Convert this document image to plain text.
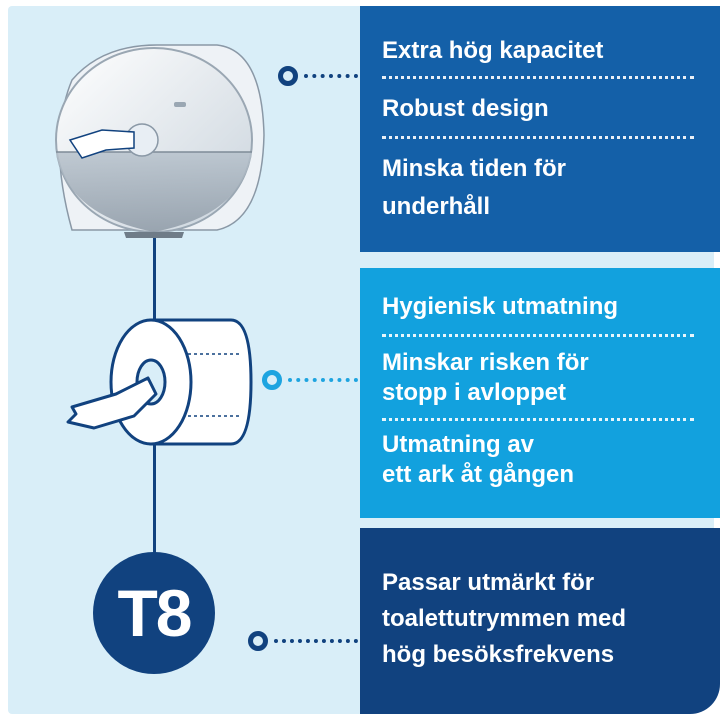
T8

Extra hög kapacitet

Robust design

Minska tiden för

underhåll

Hygienisk utmatning

Minskar risken för

stopp i avloppet

Utmatning av

ett ark åt gången

Passar utmärkt för

toalettutrymmen med

hög besöksfrekvens
